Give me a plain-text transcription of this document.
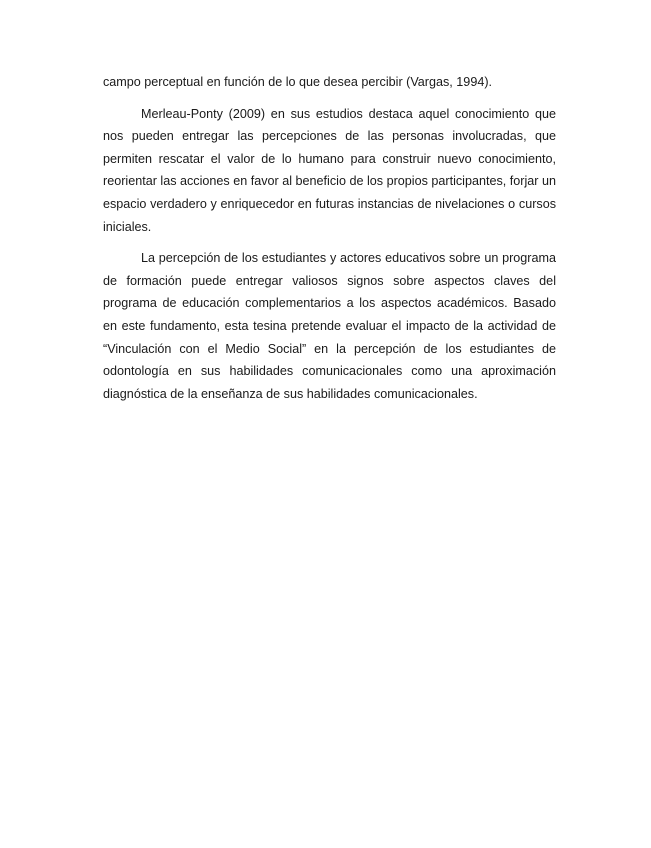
campo perceptual en función de lo que desea percibir (Vargas, 1994).

Merleau-Ponty (2009) en sus estudios destaca aquel conocimiento que nos pueden entregar las percepciones de las personas involucradas, que permiten rescatar el valor de lo humano para construir nuevo conocimiento, reorientar las acciones en favor al beneficio de los propios participantes, forjar un espacio verdadero y enriquecedor en futuras instancias de nivelaciones o cursos iniciales.

La percepción de los estudiantes y actores educativos sobre un programa de formación puede entregar valiosos signos sobre aspectos claves del programa de educación complementarios a los aspectos académicos. Basado en este fundamento, esta tesina pretende evaluar el impacto de la actividad de “Vinculación con el Medio Social” en la percepción de los estudiantes de odontología en sus habilidades comunicacionales como una aproximación diagnóstica de la enseñanza de sus habilidades comunicacionales.
